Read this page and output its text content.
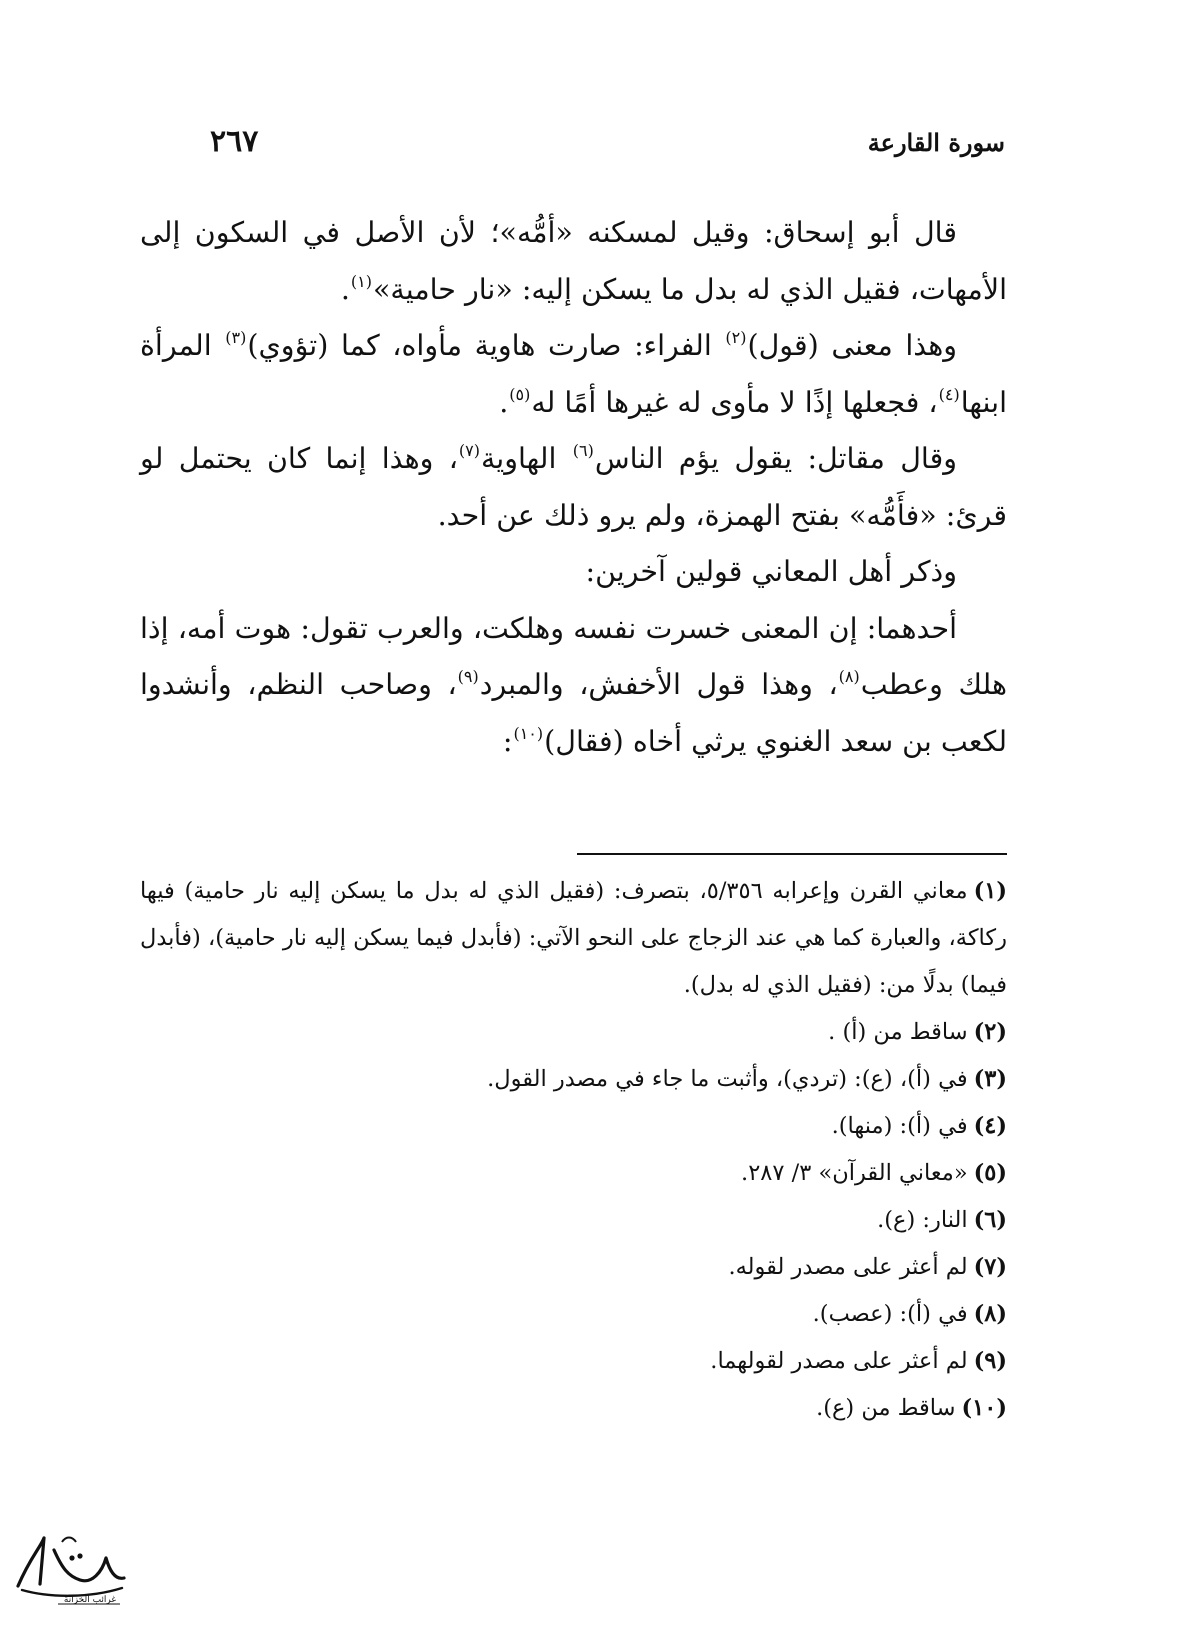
سورة القارعة
٢٦٧

قال أبو إسحاق: وقيل لمسكنه «أمُّه»؛ لأن الأصل في السكون إلى الأمهات، فقيل الذي له بدل ما يسكن إليه: «نار حامية»$^{(١)}$.

وهذا معنى (قول)$^{(٢)}$ الفراء: صارت هاوية مأواه، كما (تؤوي)$^{(٣)}$ المرأة ابنها$^{(٤)}$، فجعلها إذًا لا مأوى له غيرها أمًا له$^{(٥)}$.

وقال مقاتل: يقول يؤم الناس$^{(٦)}$ الهاوية$^{(٧)}$، وهذا إنما كان يحتمل لو قرئ: «فأَمُّه» بفتح الهمزة، ولم يرو ذلك عن أحد.

وذكر أهل المعاني قولين آخرين:

أحدهما: إن المعنى خسرت نفسه وهلكت، والعرب تقول: هوت أمه، إذا هلك وعطب$^{(٨)}$، وهذا قول الأخفش، والمبرد$^{(٩)}$، وصاحب النظم، وأنشدوا لكعب بن سعد الغنوي يرثي أخاه (فقال)$^{(١٠)}$:

(١)معاني القرن وإعرابه ٥/٣٥٦، بتصرف: (فقيل الذي له بدل ما يسكن إليه نار حامية) فيها ركاكة، والعبارة كما هي عند الزجاج على النحو الآتي: (فأبدل فيما يسكن إليه نار حامية)، (فأبدل فيما) بدلًا من: (فقيل الذي له بدل).

(٢)ساقط من (أ) .

(٣)في (أ)، (ع): (تردي)، وأثبت ما جاء في مصدر القول.

(٤)في (أ): (منها).

(٥)«معاني القرآن» ٣/ ٢٨٧.

(٦)النار: (ع).

(٧)لم أعثر على مصدر لقوله.

(٨)في (أ): (عصب).

(٩)لم أعثر على مصدر لقولهما.

(١٠)ساقط من (ع).

غرائب الخزانة
